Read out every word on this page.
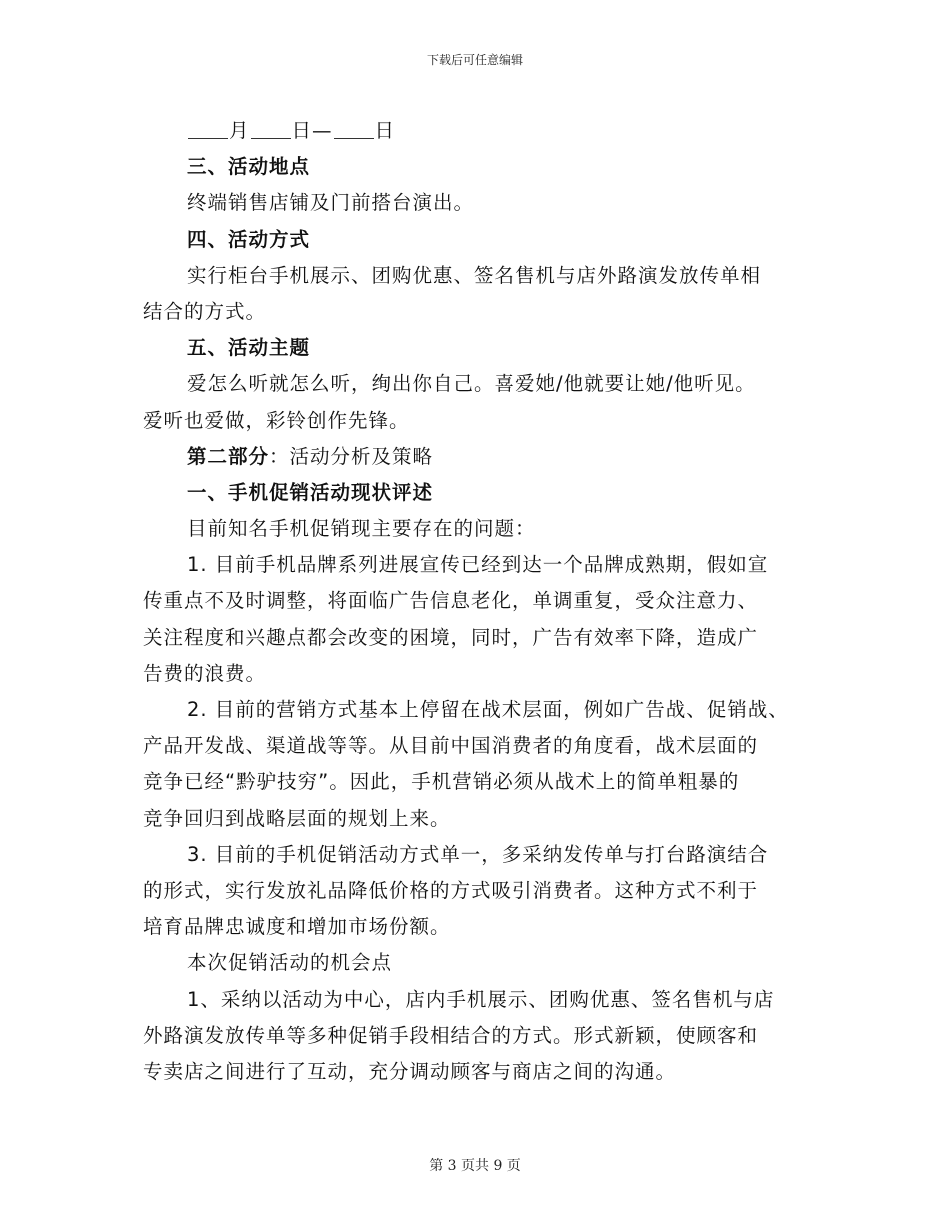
下载后可任意编辑
月 日— 日
三、活动地点
终端销售店铺及门前搭台演出。
四、活动方式
实行柜台手机展示、团购优惠、签名售机与店外路演发放传单相
结合的方式。
五、活动主题
爱怎么听就怎么听，绚出你自己。喜爱她/他就要让她/他听见。
爱听也爱做，彩铃创作先锋。
第二部分：活动分析及策略
一、手机促销活动现状评述
目前知名手机促销现主要存在的问题：
1. 目前手机品牌系列进展宣传已经到达一个品牌成熟期，假如宣
传重点不及时调整，将面临广告信息老化，单调重复，受众注意力、
关注程度和兴趣点都会改变的困境，同时，广告有效率下降，造成广
告费的浪费。
2. 目前的营销方式基本上停留在战术层面，例如广告战、促销战、
产品开发战、渠道战等等。从目前中国消费者的角度看，战术层面的
竞争已经“黔驴技穷”。因此，手机营销必须从战术上的简单粗暴的
竞争回归到战略层面的规划上来。
3. 目前的手机促销活动方式单一，多采纳发传单与打台路演结合
的形式，实行发放礼品降低价格的方式吸引消费者。这种方式不利于
培育品牌忠诚度和增加市场份额。
本次促销活动的机会点
1、采纳以活动为中心，店内手机展示、团购优惠、签名售机与店
外路演发放传单等多种促销手段相结合的方式。形式新颖，使顾客和
专卖店之间进行了互动，充分调动顾客与商店之间的沟通。
第 3 页共 9 页
